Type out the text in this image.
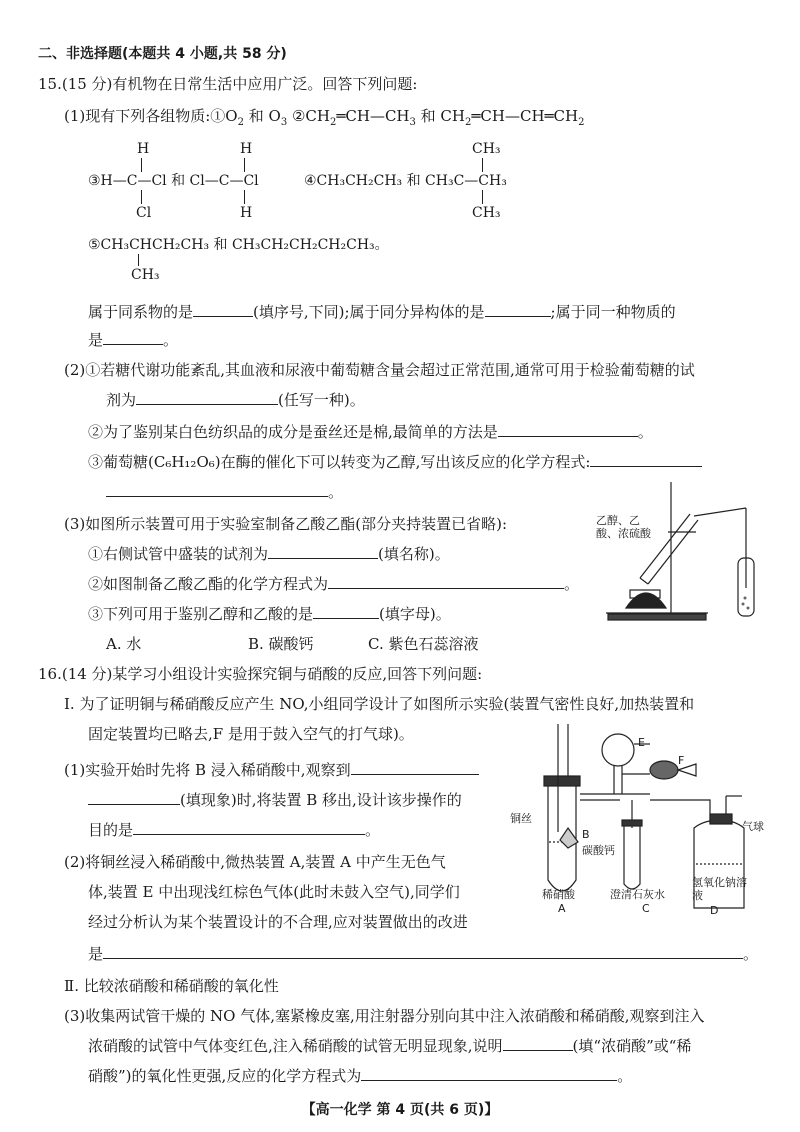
二、非选择题(本题共 4 小题,共 58 分)
15.(15 分)有机物在日常生活中应用广泛。回答下列问题:
(1)现有下列各组物质$:①O_2$ 和 $O_3$ $②CH_2═CH—CH_3$ 和 $CH_2═CH—CH═CH_2$
③H—C—Cl 和 Cl—C—Cl
H
Cl
H
H
④CH₃CH₂CH₃ 和 CH₃C—CH₃
CH₃
CH₃
⑤CH₃CHCH₂CH₃ 和 CH₃CH₂CH₂CH₂CH₃。
CH₃
属于同系物的是	(填序号,下同);属于同分异构体的是	;属于同一种物质的
是	。
(2)①若糖代谢功能紊乱,其血液和尿液中葡萄糖含量会超过正常范围,通常可用于检验葡萄糖的试
剂为	(任写一种)。
②为了鉴别某白色纺织品的成分是蚕丝还是棉,最简单的方法是	。
③葡萄糖(C₆H₁₂O₆)在酶的催化下可以转变为乙醇,写出该反应的化学方程式:
。
(3)如图所示装置可用于实验室制备乙酸乙酯(部分夹持装置已省略):
①右侧试管中盛装的试剂为	(填名称)。
②如图制备乙酸乙酯的化学方程式为	。
③下列可用于鉴别乙醇和乙酸的是	(填字母)。
A. 水	B. 碳酸钙	C. 紫色石蕊溶液
乙醇、乙酸、浓硫酸
16.(14 分)某学习小组设计实验探究铜与硝酸的反应,回答下列问题:
Ⅰ. 为了证明铜与稀硝酸反应产生 NO,小组同学设计了如图所示实验(装置气密性良好,加热装置和
固定装置均已略去,F 是用于鼓入空气的打气球)。
(1)实验开始时先将 B 浸入稀硝酸中,观察到
(填现象)时,将装置 B 移出,设计该步操作的
目的是	。
(2)将铜丝浸入稀硝酸中,微热装置 A,装置 A 中产生无色气
体,装置 E 中出现浅红棕色气体(此时未鼓入空气),同学们
经过分析认为某个装置设计的不合理,应对装置做出的改进
是	。
E
F
铜丝
B
碳酸钙
气球
稀硝酸
A
澄清石灰水
C
氢氧化钠溶液
D
Ⅱ. 比较浓硝酸和稀硝酸的氧化性
(3)收集两试管干燥的 NO 气体,塞紧橡皮塞,用注射器分别向其中注入浓硝酸和稀硝酸,观察到注入
浓硝酸的试管中气体变红色,注入稀硝酸的试管无明显现象,说明	(填“浓硝酸”或“稀
硝酸”)的氧化性更强,反应的化学方程式为	。
【高一化学 第 4 页(共 6 页)】
